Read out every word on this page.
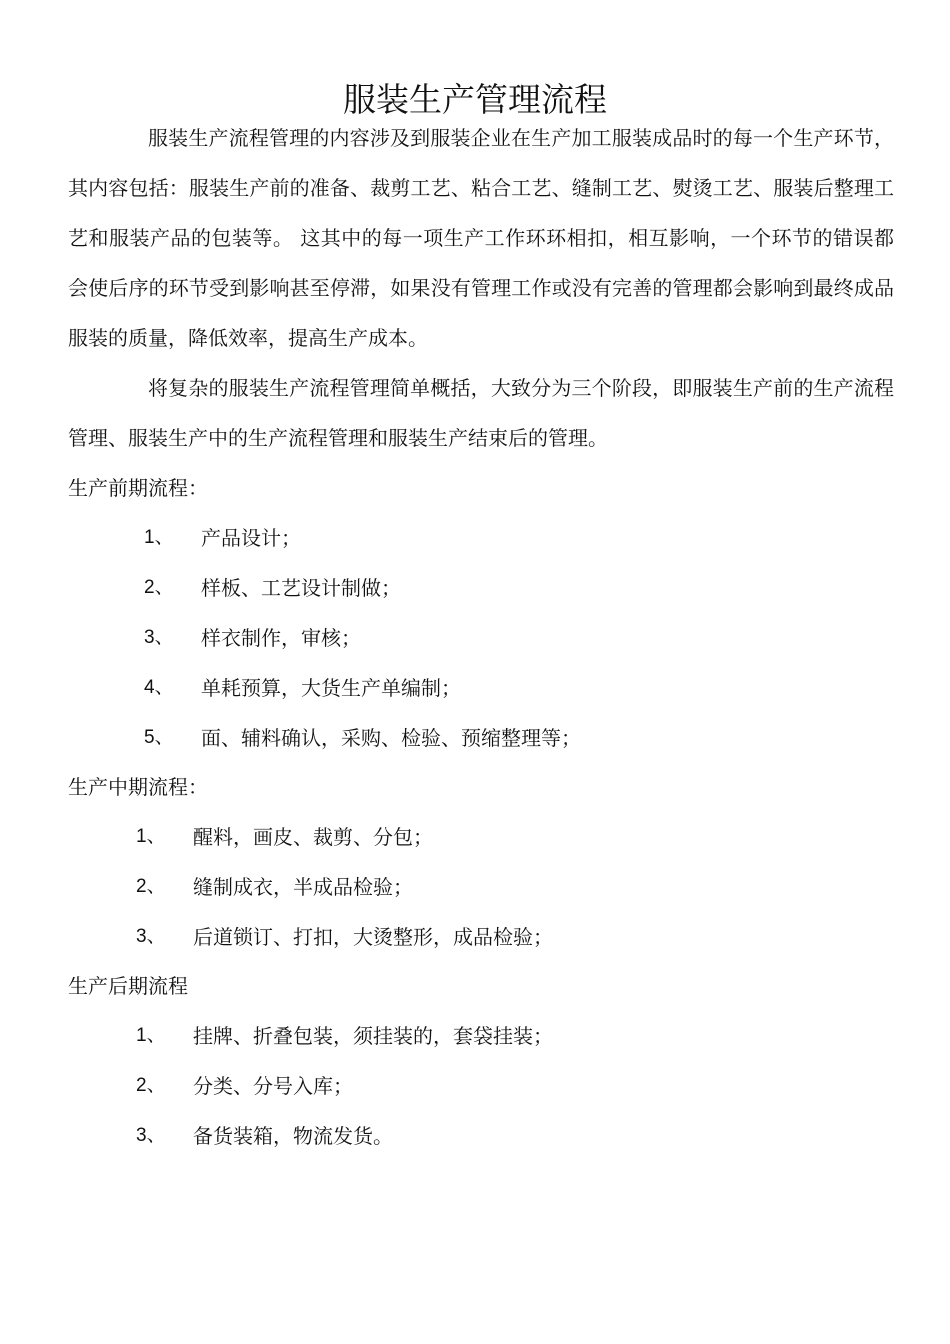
服装生产管理流程

服装生产流程管理的内容涉及到服装企业在生产加工服装成品时的每一个生产环节，其内容包括：服装生产前的准备、裁剪工艺、粘合工艺、缝制工艺、熨烫工艺、服装后整理工艺和服装产品的包装等。 这其中的每一项生产工作环环相扣，相互影响，一个环节的错误都会使后序的环节受到影响甚至停滞，如果没有管理工作或没有完善的管理都会影响到最终成品服装的质量，降低效率，提高生产成本。

将复杂的服装生产流程管理简单概括，大致分为三个阶段，即服装生产前的生产流程管理、服装生产中的生产流程管理和服装生产结束后的管理。

生产前期流程：

1、	产品设计；
2、	样板、工艺设计制做；
3、	样衣制作，审核；
4、	单耗预算，大货生产单编制；
5、	面、辅料确认，采购、检验、预缩整理等；

生产中期流程：

1、	醒料，画皮、裁剪、分包；
2、	缝制成衣，半成品检验；
3、	后道锁订、打扣，大烫整形，成品检验；

生产后期流程

1、	挂牌、折叠包装，须挂装的，套袋挂装；
2、	分类、分号入库；
3、	备货装箱，物流发货。
